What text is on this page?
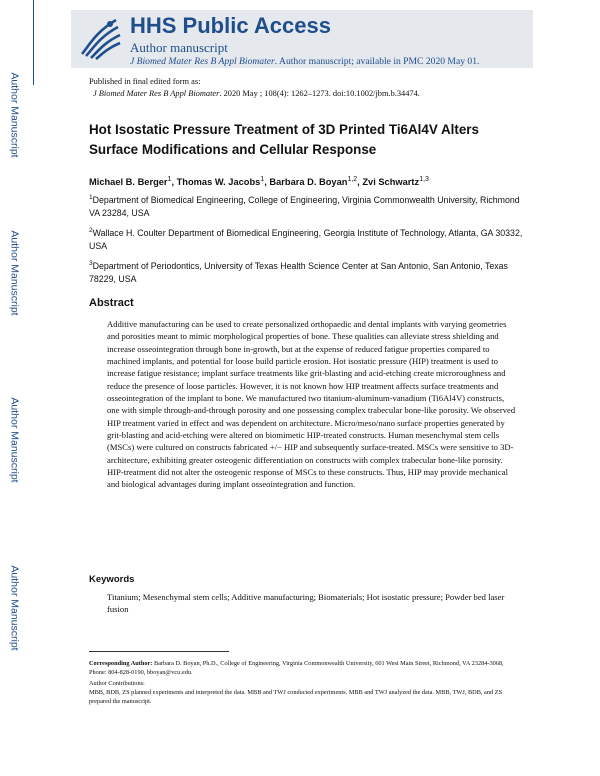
Author Manuscript
Author Manuscript
Author Manuscript
Author Manuscript
HHS Public Access
Author manuscript
J Biomed Mater Res B Appl Biomater. Author manuscript; available in PMC 2020 May 01.
Published in final edited form as:
J Biomed Mater Res B Appl Biomater. 2020 May ; 108(4): 1262–1273. doi:10.1002/jbm.b.34474.
Hot Isostatic Pressure Treatment of 3D Printed Ti6Al4V Alters Surface Modifications and Cellular Response
Michael B. Berger$^1$, Thomas W. Jacobs$^1$, Barbara D. Boyan$^{1,2}$, Zvi Schwartz$^{1,3}$
$^1$Department of Biomedical Engineering, College of Engineering, Virginia Commonwealth University, Richmond VA 23284, USA
$^2$Wallace H. Coulter Department of Biomedical Engineering, Georgia Institute of Technology, Atlanta, GA 30332, USA
$^3$Department of Periodontics, University of Texas Health Science Center at San Antonio, San Antonio, Texas 78229, USA
Abstract
Additive manufacturing can be used to create personalized orthopaedic and dental implants with varying geometries and porosities meant to mimic morphological properties of bone. These qualities can alleviate stress shielding and increase osseointegration through bone in-growth, but at the expense of reduced fatigue properties compared to machined implants, and potential for loose build particle erosion. Hot isostatic pressure (HIP) treatment is used to increase fatigue resistance; implant surface treatments like grit-blasting and acid-etching create microroughness and reduce the presence of loose particles. However, it is not known how HIP treatment affects surface treatments and osseointegration of the implant to bone. We manufactured two titanium-aluminum-vanadium (Ti6Al4V) constructs, one with simple through-and-through porosity and one possessing complex trabecular bone-like porosity. We observed HIP treatment varied in effect and was dependent on architecture. Micro/meso/nano surface properties generated by grit-blasting and acid-etching were altered on biomimetic HIP-treated constructs. Human mesenchymal stem cells (MSCs) were cultured on constructs fabricated +/− HIP and subsequently surface-treated. MSCs were sensitive to 3D-architecture, exhibiting greater osteogenic differentiation on constructs with complex trabecular bone-like porosity. HIP-treatment did not alter the osteogenic response of MSCs to these constructs. Thus, HIP may provide mechanical and biological advantages during implant osseointegration and function.
Keywords
Titanium; Mesenchymal stem cells; Additive manufacturing; Biomaterials; Hot isostatic pressure; Powder bed laser fusion
Corresponding Author: Barbara D. Boyan, Ph.D., College of Engineering, Virginia Commonwealth University, 601 West Main Street, Richmond, VA 23284-3068, Phone: 804-828-0190, bboyan@vcu.edu.
Author Contributions:
MBB, BDB, ZS planned experiments and interpreted the data. MBB and TWJ conducted experiments. MBB and TWJ analyzed the data. MBB, TWJ, BDB, and ZS prepared the manuscript.
